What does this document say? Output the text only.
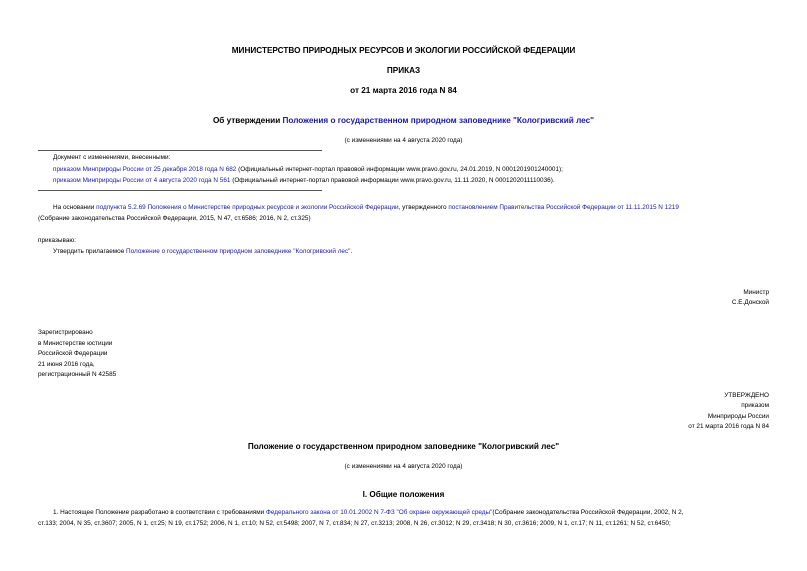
МИНИСТЕРСТВО ПРИРОДНЫХ РЕСУРСОВ И ЭКОЛОГИИ РОССИЙСКОЙ ФЕДЕРАЦИИ
ПРИКАЗ
от 21 марта 2016 года N 84
Об утверждении Положения о государственном природном заповеднике "Кологривский лес"
(с изменениями на 4 августа 2020 года)
Документ с изменениями, внесенными:
приказом Минприроды России от 25 декабря 2018 года N 682 (Официальный интернет-портал правовой информации www.pravo.gov.ru, 24.01.2019, N 0001201901240001);
приказом Минприроды России от 4 августа 2020 года N 561 (Официальный интернет-портал правовой информации www.pravo.gov.ru, 11.11.2020, N 0001202011110036).
На основании подпункта 5.2.69 Положения о Министерстве природных ресурсов и экологии Российской Федерации, утвержденного постановлением Правительства Российской Федерации от 11.11.2015 N 1219
(Собрание законодательства Российской Федерации, 2015, N 47, ст.6586; 2016, N 2, ст.325)
приказываю:
Утвердить прилагаемое Положение о государственном природном заповеднике "Кологривский лес".
Министр
С.Е.Донской
Зарегистрировано
в Министерстве юстиции
Российской Федерации
21 июня 2016 года,
регистрационный N 42585
УТВЕРЖДЕНО
приказом
Минприроды России
от 21 марта 2016 года N 84
Положение о государственном природном заповеднике "Кологривский лес"
(с изменениями на 4 августа 2020 года)
I. Общие положения
1. Настоящее Положение разработано в соответствии с требованиями Федерального закона от 10.01.2002 N 7-ФЗ "Об охране окружающей среды"(Собрание законодательства Российской Федерации, 2002, N 2,
ст.133; 2004, N 35, ст.3607; 2005, N 1, ст.25; N 19, ст.1752; 2006, N 1, ст.10; N 52, ст.5498; 2007, N 7, ст.834; N 27, ст.3213; 2008, N 26, ст.3012; N 29, ст.3418; N 30, ст.3616; 2009, N 1, ст.17; N 11, ст.1261; N 52, ст.6450;
